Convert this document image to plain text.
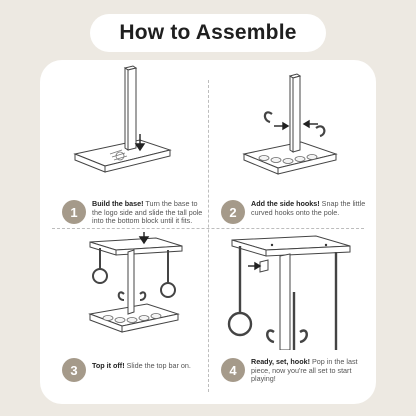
How to Assemble
1
Build the base! Turn the base to the logo side and slide the tall pole into the bottom block until it fits.
2
Add the side hooks! Snap the little curved hooks onto the pole.
3	Top it off! Slide the top bar on.	4
Ready, set, hook! Pop in the last piece, now you're all set to start playing!
